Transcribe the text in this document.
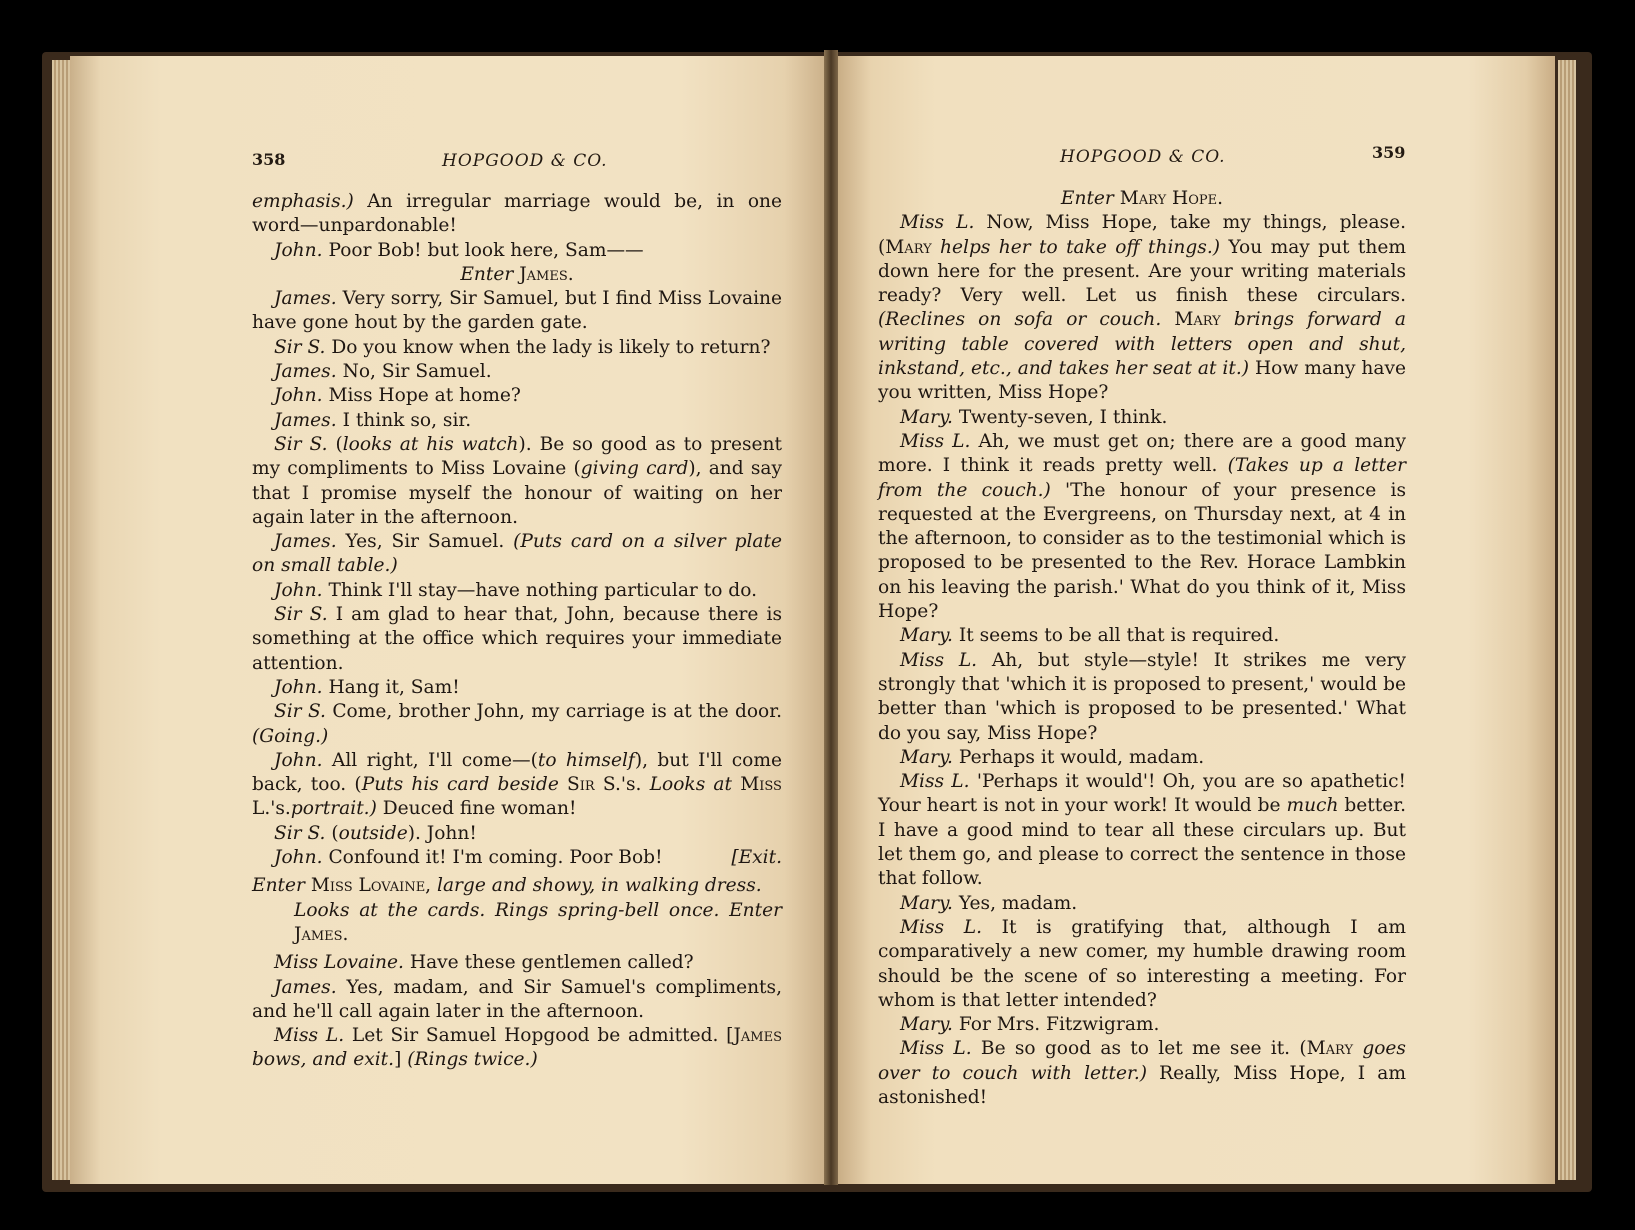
358	HOPGOOD & CO.

emphasis.) An irregular marriage would be, in one word—unpardonable!

John. Poor Bob! but look here, Sam——

Enter James.

James. Very sorry, Sir Samuel, but I find Miss Lovaine have gone hout by the garden gate.

Sir S. Do you know when the lady is likely to return?

James. No, Sir Samuel.

John. Miss Hope at home?

James. I think so, sir.

Sir S. (looks at his watch). Be so good as to present my compliments to Miss Lovaine (giving card), and say that I promise myself the honour of waiting on her again later in the afternoon.

James. Yes, Sir Samuel. (Puts card on a silver plate on small table.)

John. Think I'll stay—have nothing particular to do.

Sir S. I am glad to hear that, John, because there is something at the office which requires your immediate attention.

John. Hang it, Sam!

Sir S. Come, brother John, my carriage is at the door. (Going.)

John. All right, I'll come—(to himself), but I'll come back, too. (Puts his card beside Sir S.'s. Looks at Miss L.'s.portrait.) Deuced fine woman!

Sir S. (outside). John!

John. Confound it! I'm coming. Poor Bob!	[Exit.

Enter Miss Lovaine, large and showy, in walking dress.

Looks at the cards. Rings spring-bell once. Enter James.

Miss Lovaine. Have these gentlemen called?

James. Yes, madam, and Sir Samuel's compliments, and he'll call again later in the afternoon.

Miss L. Let Sir Samuel Hopgood be admitted. [James bows, and exit.] (Rings twice.)

HOPGOOD & CO.	359

Enter Mary Hope.

Miss L. Now, Miss Hope, take my things, please. (Mary helps her to take off things.) You may put them down here for the present. Are your writing materials ready? Very well. Let us finish these circulars. (Reclines on sofa or couch. Mary brings forward a writing table covered with letters open and shut, inkstand, etc., and takes her seat at it.) How many have you written, Miss Hope?

Mary. Twenty-seven, I think.

Miss L. Ah, we must get on; there are a good many more. I think it reads pretty well. (Takes up a letter from the couch.) 'The honour of your presence is requested at the Evergreens, on Thursday next, at 4 in the afternoon, to consider as to the testimonial which is proposed to be presented to the Rev. Horace Lambkin on his leaving the parish.' What do you think of it, Miss Hope?

Mary. It seems to be all that is required.

Miss L. Ah, but style—style! It strikes me very strongly that 'which it is proposed to present,' would be better than 'which is proposed to be presented.' What do you say, Miss Hope?

Mary. Perhaps it would, madam.

Miss L. 'Perhaps it would'! Oh, you are so apathetic! Your heart is not in your work! It would be much better. I have a good mind to tear all these circulars up. But let them go, and please to correct the sentence in those that follow.

Mary. Yes, madam.

Miss L. It is gratifying that, although I am comparatively a new comer, my humble drawing room should be the scene of so interesting a meeting. For whom is that letter intended?

Mary. For Mrs. Fitzwigram.

Miss L. Be so good as to let me see it. (Mary goes over to couch with letter.) Really, Miss Hope, I am astonished!
